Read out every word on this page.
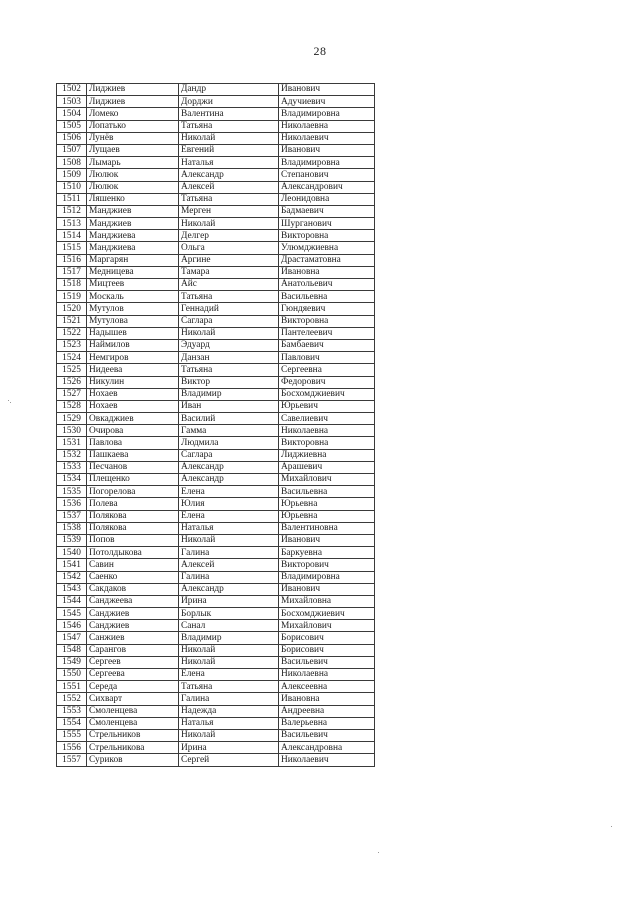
28
1502	Лиджиев	Дандр	Иванович
1503	Лиджиев	Дорджи	Адучиевич
1504	Ломеко	Валентина	Владимировна
1505	Лопатько	Татьяна	Николаевна
1506	Лунёв	Николай	Николаевич
1507	Лущаев	Евгений	Иванович
1508	Лымарь	Наталья	Владимировна
1509	Люлюк	Александр	Степанович
1510	Люлюк	Алексей	Александрович
1511	Ляшенко	Татьяна	Леонидовна
1512	Манджиев	Мерген	Бадмаевич
1513	Манджиев	Николай	Шурганович
1514	Манджиева	Делгер	Викторовна
1515	Манджиева	Ольга	Улюмджиевна
1516	Маргарян	Аргине	Драстаматовна
1517	Медницева	Тамара	Ивановна
1518	Мицтеев	Айс	Анатольевич
1519	Москаль	Татьяна	Васильевна
1520	Мутулов	Геннадий	Гюндяевич
1521	Мутулова	Саглара	Викторовна
1522	Надышев	Николай	Пантелеевич
1523	Наймилов	Эдуард	Бамбаевич
1524	Немгиров	Данзан	Павлович
1525	Нидеева	Татьяна	Сергеевна
1526	Никулин	Виктор	Федорович
1527	Нохаев	Владимир	Босхомджиевич
1528	Нохаев	Иван	Юрьевич
1529	Овкаджиев	Василий	Савелиевич
1530	Очирова	Гамма	Николаевна
1531	Павлова	Людмила	Викторовна
1532	Пашкаева	Саглара	Лиджиевна
1533	Песчанов	Александр	Арашевич
1534	Плещенко	Александр	Михайлович
1535	Погорелова	Елена	Васильевна
1536	Полева	Юлия	Юрьевна
1537	Полякова	Елена	Юрьевна
1538	Полякова	Наталья	Валентиновна
1539	Попов	Николай	Иванович
1540	Потолдыкова	Галина	Баркуевна
1541	Савин	Алексей	Викторович
1542	Саенко	Галина	Владимировна
1543	Сакдаков	Александр	Иванович
1544	Санджеева	Ирина	Михайловна
1545	Санджиев	Борлык	Босхомджиевич
1546	Санджиев	Санал	Михайлович
1547	Санжиев	Владимир	Борисович
1548	Сарангов	Николай	Борисович
1549	Сергеев	Николай	Васильевич
1550	Сергеева	Елена	Николаевна
1551	Середа	Татьяна	Алексеевна
1552	Сихварт	Галина	Ивановна
1553	Смоленцева	Надежда	Андреевна
1554	Смоленцева	Наталья	Валерьевна
1555	Стрельников	Николай	Васильевич
1556	Стрельникова	Ирина	Александровна
1557	Суриков	Сергей	Николаевич
